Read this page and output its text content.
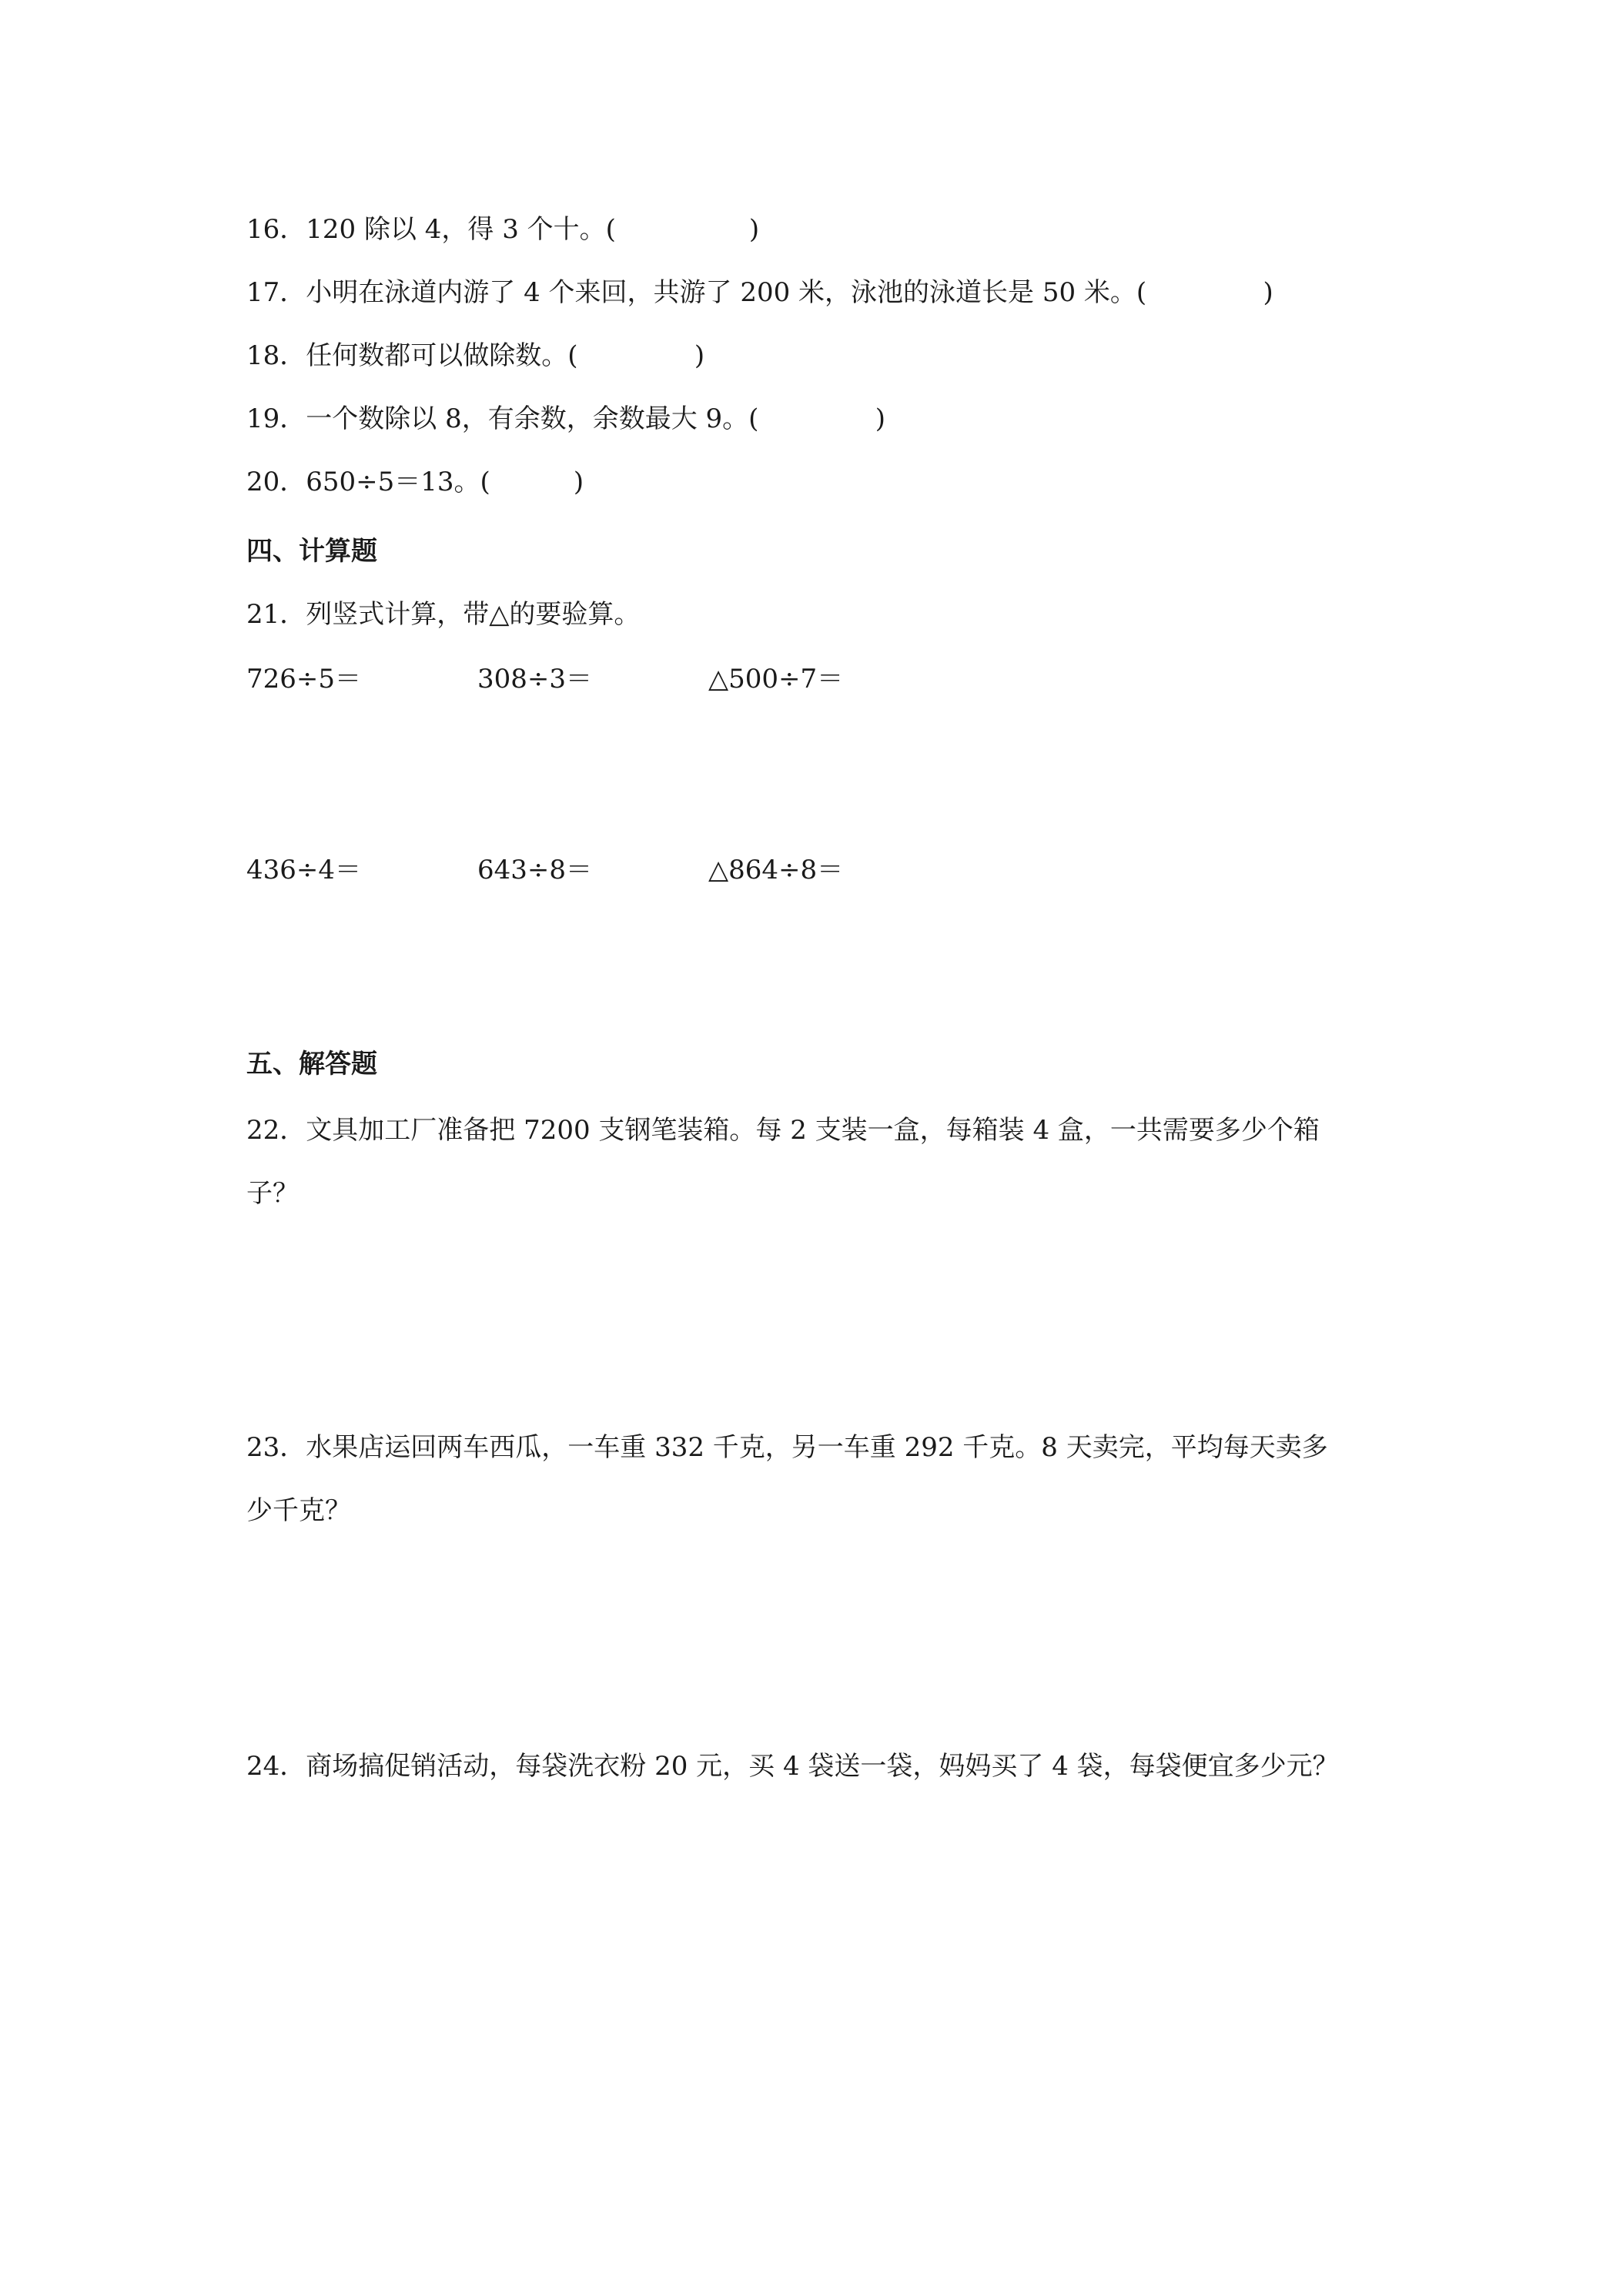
16．120 除以 4，得 3 个十。(                )
17．小明在泳道内游了 4 个来回，共游了 200 米，泳池的泳道长是 50 米。(              )
18．任何数都可以做除数。(              )
19．一个数除以 8，有余数，余数最大 9。(              )
20．650÷5＝13。(          )
四、计算题
21．列竖式计算，带△的要验算。
726÷5＝	308÷3＝	△500÷7＝
436÷4＝	643÷8＝	△864÷8＝
五、解答题
22．文具加工厂准备把 7200 支钢笔装箱。每 2 支装一盒，每箱装 4 盒，一共需要多少个箱
子？
23．水果店运回两车西瓜，一车重 332 千克，另一车重 292 千克。8 天卖完，平均每天卖多
少千克？
24．商场搞促销活动，每袋洗衣粉 20 元，买 4 袋送一袋，妈妈买了 4 袋，每袋便宜多少元？
